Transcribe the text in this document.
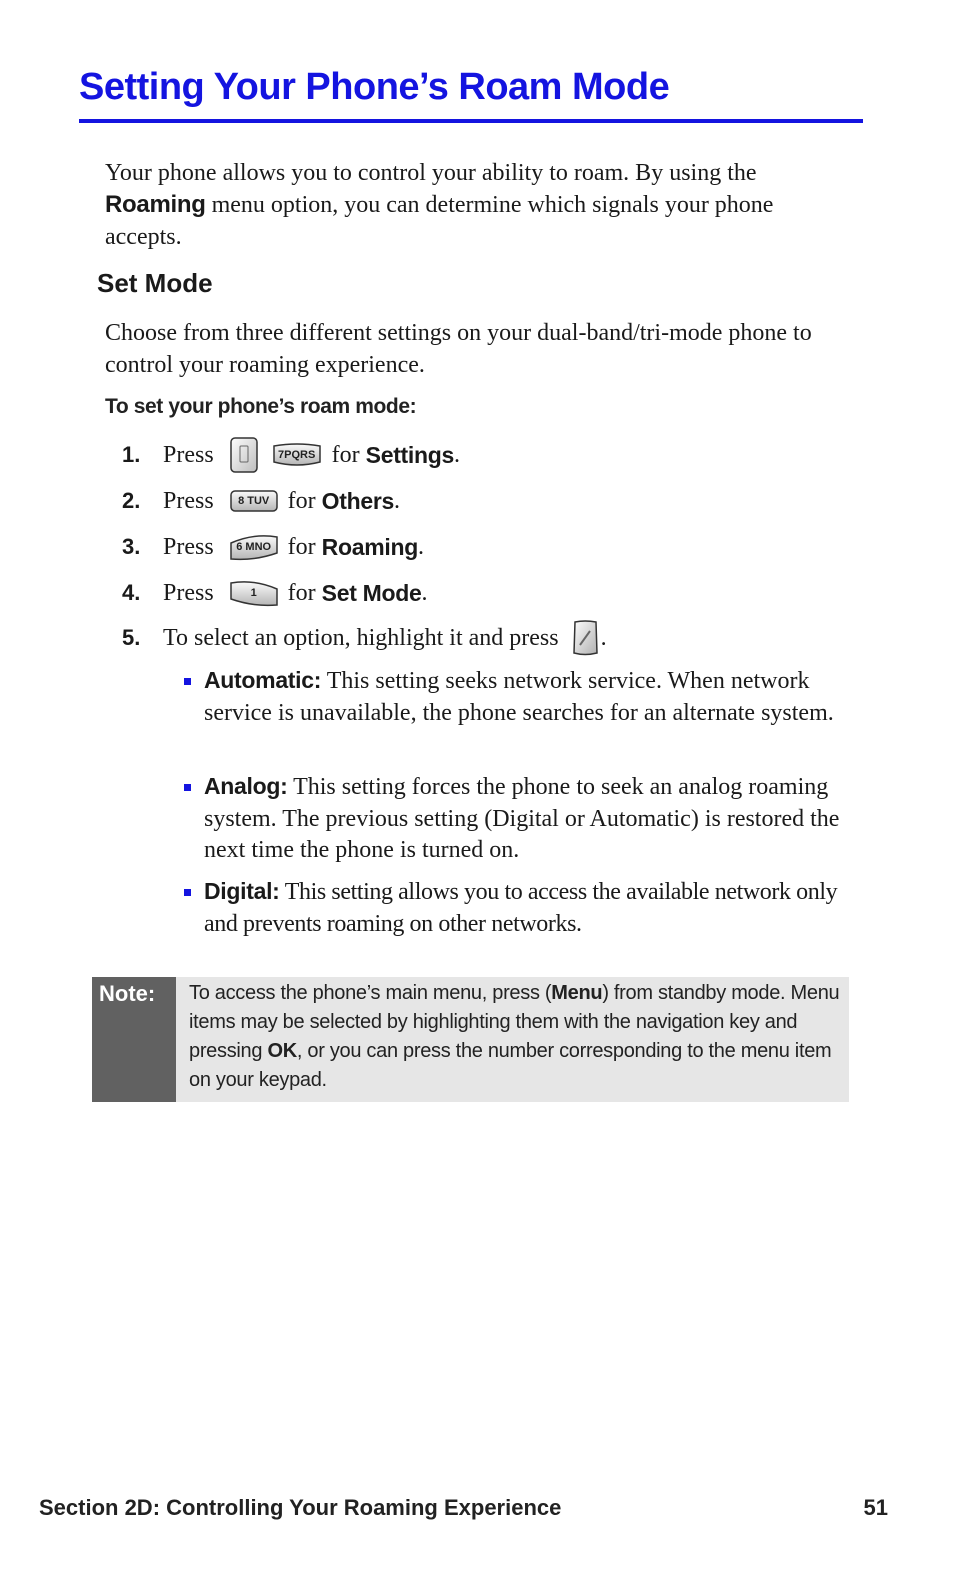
Setting Your Phone’s Roam Mode

Your phone allows you to control your ability to roam. By using the Roaming menu option, you can determine which signals your phone accepts.

Set Mode

Choose from three different settings on your dual-band/tri-mode phone to control your roaming experience.

To set your phone’s roam mode:

1. Press	7PQRS for Settings .
2. Press	8 TUV for Others .
3. Press	6 MNO for Roaming .
4. Press	1	for Set Mode .
5. To select an option, highlight it and press .
Automatic: This setting seeks network service. When network service is unavailable, the phone searches for an alternate system.
Analog: This setting forces the phone to seek an analog roaming system. The previous setting (Digital or Automatic) is restored the next time the phone is turned on.
Digital: This setting allows you to access the available network only and prevents roaming on other networks.
Note: To access the phone’s main menu, press (Menu) from standby mode. Menu items may be selected by highlighting them with the navigation key and pressing OK, or you can press the number corresponding to the menu item on your keypad.

Section 2D: Controlling Your Roaming Experience	51
